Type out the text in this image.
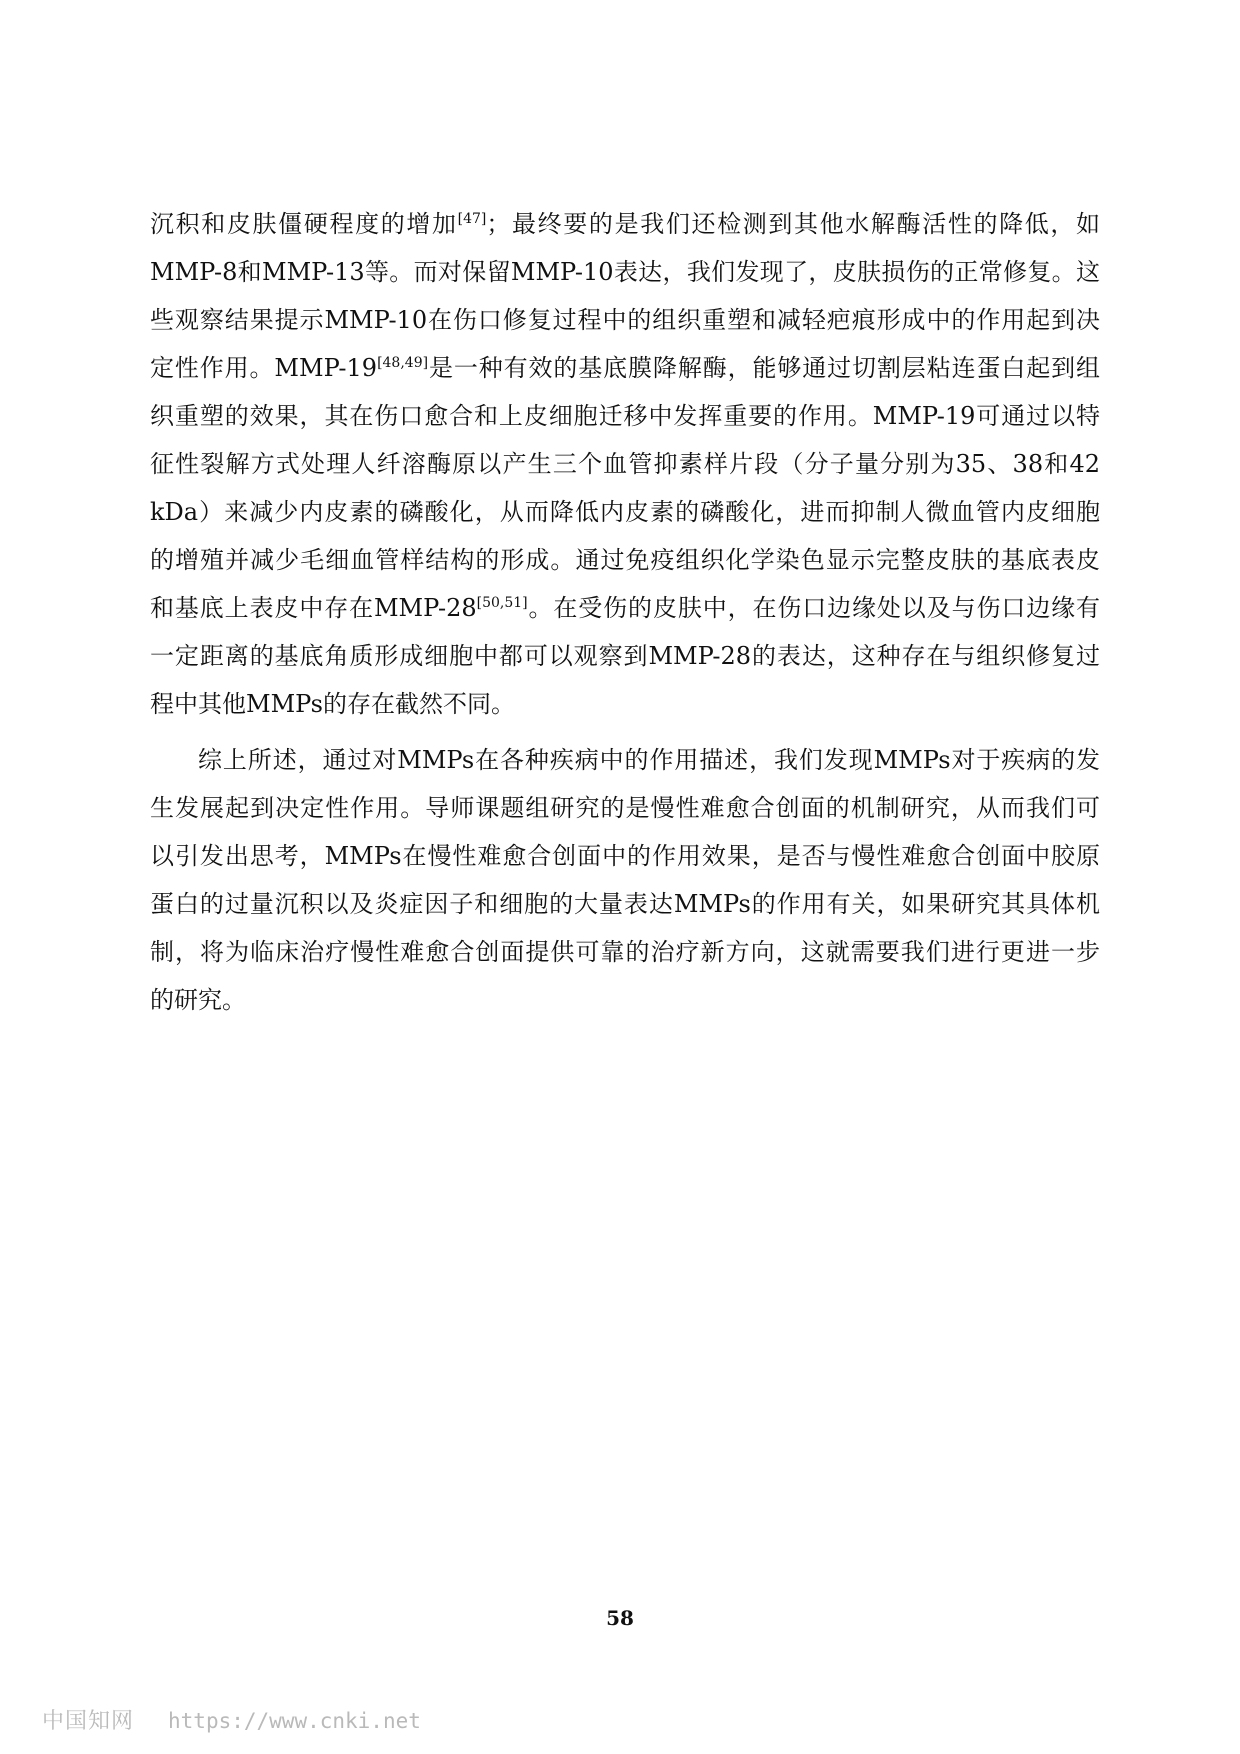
沉积和皮肤僵硬程度的增加[47]；最终要的是我们还检测到其他水解酶活性的降低，如
MMP-8和MMP-13等。而对保留MMP-10表达，我们发现了，皮肤损伤的正常修复。这
些观察结果提示MMP-10在伤口修复过程中的组织重塑和减轻疤痕形成中的作用起到决
定性作用。MMP-19[48,49]是一种有效的基底膜降解酶，能够通过切割层粘连蛋白起到组
织重塑的效果，其在伤口愈合和上皮细胞迁移中发挥重要的作用。MMP-19可通过以特
征性裂解方式处理人纤溶酶原以产生三个血管抑素样片段（分子量分别为35、38和42
kDa）来减少内皮素的磷酸化，从而降低内皮素的磷酸化，进而抑制人微血管内皮细胞
的增殖并减少毛细血管样结构的形成。通过免疫组织化学染色显示完整皮肤的基底表皮
和基底上表皮中存在MMP-28[50,51]。在受伤的皮肤中，在伤口边缘处以及与伤口边缘有
一定距离的基底角质形成细胞中都可以观察到MMP-28的表达，这种存在与组织修复过
程中其他MMPs的存在截然不同。
综上所述，通过对MMPs在各种疾病中的作用描述，我们发现MMPs对于疾病的发
生发展起到决定性作用。导师课题组研究的是慢性难愈合创面的机制研究，从而我们可
以引发出思考，MMPs在慢性难愈合创面中的作用效果，是否与慢性难愈合创面中胶原
蛋白的过量沉积以及炎症因子和细胞的大量表达MMPs的作用有关，如果研究其具体机
制，将为临床治疗慢性难愈合创面提供可靠的治疗新方向，这就需要我们进行更进一步
的研究。
58
中国知网 https://www.cnki.net
